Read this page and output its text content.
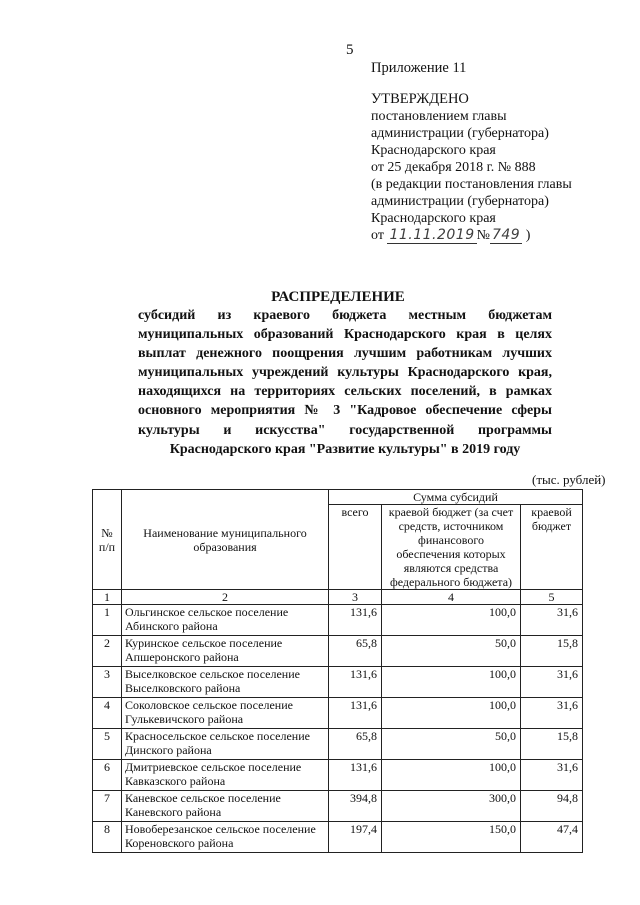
5
Приложение 11
УТВЕРЖДЕНО
постановлением главы
администрации (губернатора)
Краснодарского края
от 25 декабря 2018 г. № 888
(в редакции постановления главы
администрации (губернатора)
Краснодарского края
от 11.11.2019 № 749 )
РАСПРЕДЕЛЕНИЕ
субсидий из краевого бюджета местным бюджетам муниципальных образований Краснодарского края в целях выплат денежного поощрения лучшим работникам лучших муниципальных учреждений культуры Краснодарского края, находящихся на территориях сельских поселений, в рамках основного мероприятия № 3 "Кадровое обеспечение сферы культуры и искусства" государственной программы Краснодарского края "Развитие культуры" в 2019 году
(тыс. рублей)
№ п/п	Наименование муниципального образования	Сумма субсидий		
		всего	краевой бюджет (за счет средств, источником финансового обеспечения которых являются средства федерального бюджета)	краевой бюджет
1	2	3	4	5
1	Ольгинское сельское поселение Абинского района	131,6	100,0	31,6
2	Куринское сельское поселение Апшеронского района	65,8	50,0	15,8
3	Выселковское сельское поселение Выселковского района	131,6	100,0	31,6
4	Соколовское сельское поселение Гулькевичского района	131,6	100,0	31,6
5	Красносельское сельское поселение Динского района	65,8	50,0	15,8
6	Дмитриевское сельское поселение Кавказского района	131,6	100,0	31,6
7	Каневское сельское поселение Каневского района	394,8	300,0	94,8
8	Новоберезанское сельское поселение Кореновского района	197,4	150,0	47,4
